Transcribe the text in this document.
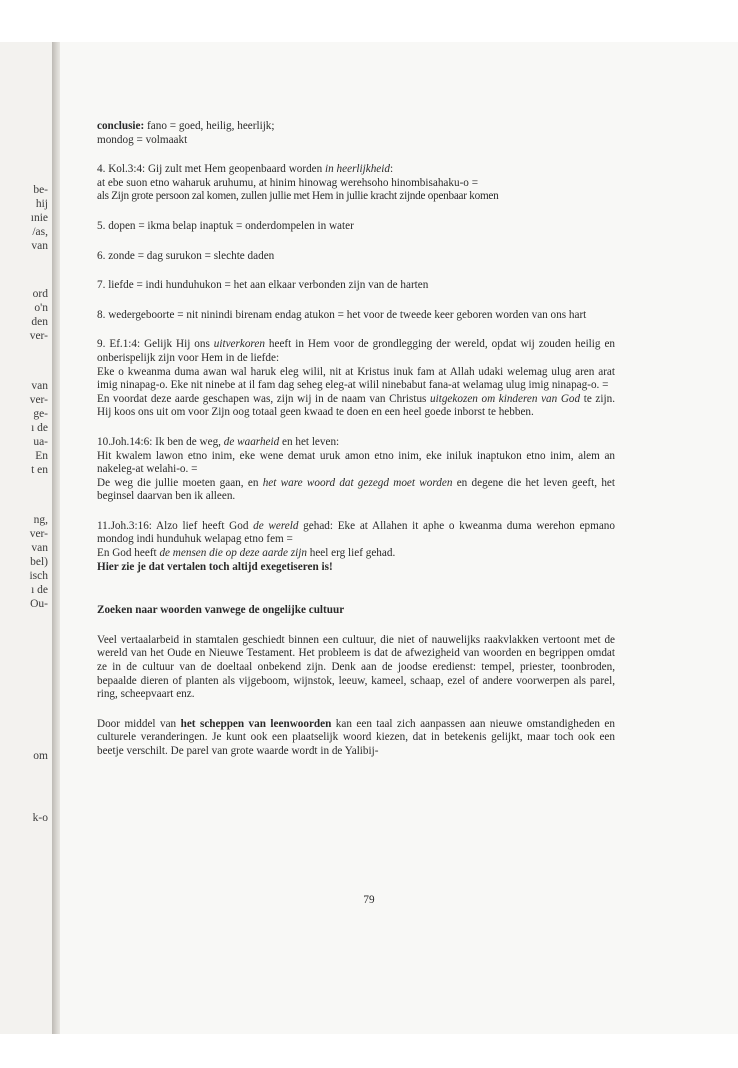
be-
hij
ınie
/as,
van
ord
o'n
den
ver-
van
ver-
ge-
ı de
ua-
En
t en
ng,
ver-
van
bel)
isch
ı de
Ou-
om
k-o

conclusie: fano = goed, heilig, heerlijk;
mondog = volmaakt

4. Kol.3:4: Gij zult met Hem geopenbaard worden in heerlijkheid:
at ebe suon etno waharuk aruhumu, at hinim hinowag werehsoho hinombisahaku-o =
als Zijn grote persoon zal komen, zullen jullie met Hem in jullie kracht zijnde openbaar komen

5. dopen = ikma belap inaptuk = onderdompelen in water

6. zonde = dag surukon = slechte daden

7. liefde = indi hunduhukon = het aan elkaar verbonden zijn van de harten

8. wedergeboorte = nit ninindi birenam endag atukon = het voor de tweede keer geboren worden van ons hart

9. Ef.1:4: Gelijk Hij ons uitverkoren heeft in Hem voor de grondlegging der wereld, opdat wij zouden heilig en onberispelijk zijn voor Hem in de liefde:
Eke o kweanma duma awan wal haruk eleg wilil, nit at Kristus inuk fam at Allah udaki welemag ulug aren arat imig ninapag-o. Eke nit ninebe at il fam dag seheg eleg-at wilil ninebabut fana-at welamag ulug imig ninapag-o. =
En voordat deze aarde geschapen was, zijn wij in de naam van Christus uitgekozen om kinderen van God te zijn. Hij koos ons uit om voor Zijn oog totaal geen kwaad te doen en een heel goede inborst te hebben.

10.Joh.14:6: Ik ben de weg, de waarheid en het leven:
Hit kwalem lawon etno inim, eke wene demat uruk amon etno inim, eke iniluk inaptukon etno inim, alem an nakeleg-at welahi-o. =
De weg die jullie moeten gaan, en het ware woord dat gezegd moet worden en degene die het leven geeft, het beginsel daarvan ben ik alleen.

11.Joh.3:16: Alzo lief heeft God de wereld gehad: Eke at Allahen it aphe o kweanma duma werehon epmano mondog indi hunduhuk welapag etno fem =
En God heeft de mensen die op deze aarde zijn heel erg lief gehad.
Hier zie je dat vertalen toch altijd exegetiseren is!

Zoeken naar woorden vanwege de ongelijke cultuur

Veel vertaalarbeid in stamtalen geschiedt binnen een cultuur, die niet of nauwelijks raakvlakken vertoont met de wereld van het Oude en Nieuwe Testament. Het probleem is dat de afwezigheid van woorden en begrippen omdat ze in de cultuur van de doeltaal onbekend zijn. Denk aan de joodse eredienst: tempel, priester, toonbroden, bepaalde dieren of planten als vijgeboom, wijnstok, leeuw, kameel, schaap, ezel of andere voorwerpen als parel, ring, scheepvaart enz.

Door middel van het scheppen van leenwoorden kan een taal zich aanpassen aan nieuwe omstandigheden en culturele veranderingen. Je kunt ook een plaatselijk woord kiezen, dat in betekenis gelijkt, maar toch ook een beetje verschilt. De parel van grote waarde wordt in de Yalibij-

79
